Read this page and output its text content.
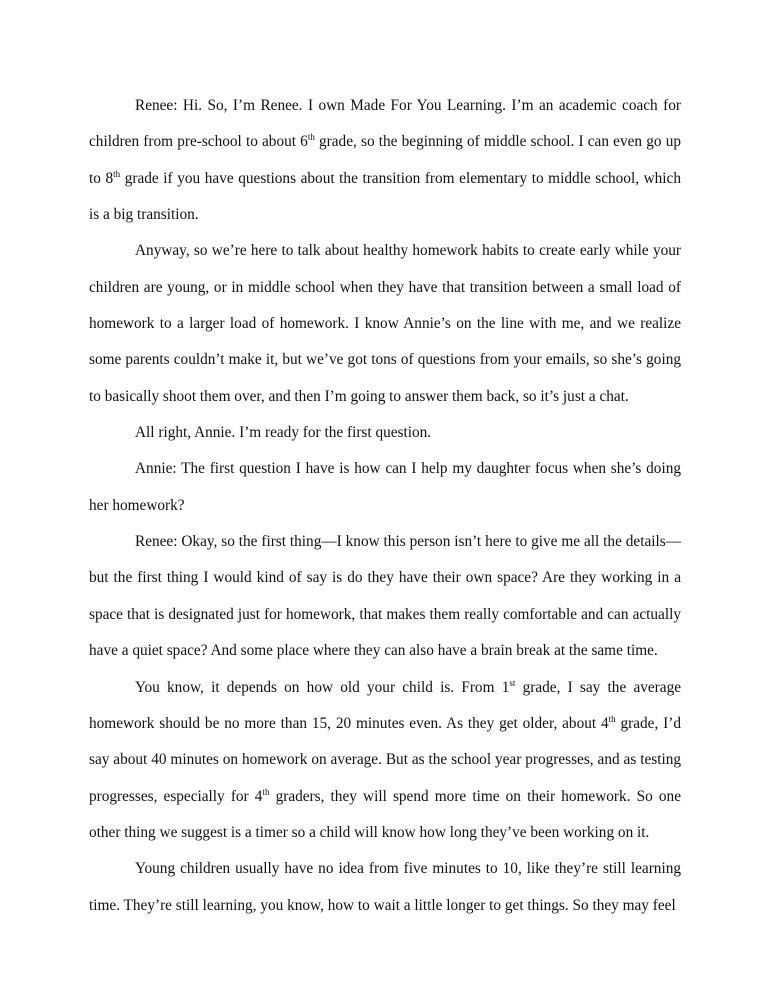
Renee: Hi. So, I’m Renee. I own Made For You Learning. I’m an academic coach for children from pre-school to about 6th grade, so the beginning of middle school. I can even go up to 8th grade if you have questions about the transition from elementary to middle school, which is a big transition.

Anyway, so we’re here to talk about healthy homework habits to create early while your children are young, or in middle school when they have that transition between a small load of homework to a larger load of homework. I know Annie’s on the line with me, and we realize some parents couldn’t make it, but we’ve got tons of questions from your emails, so she’s going to basically shoot them over, and then I’m going to answer them back, so it’s just a chat.

All right, Annie. I’m ready for the first question.

Annie: The first question I have is how can I help my daughter focus when she’s doing her homework?

Renee: Okay, so the first thing—I know this person isn’t here to give me all the details—but the first thing I would kind of say is do they have their own space? Are they working in a space that is designated just for homework, that makes them really comfortable and can actually have a quiet space? And some place where they can also have a brain break at the same time.

You know, it depends on how old your child is. From 1st grade, I say the average homework should be no more than 15, 20 minutes even. As they get older, about 4th grade, I’d say about 40 minutes on homework on average. But as the school year progresses, and as testing progresses, especially for 4th graders, they will spend more time on their homework. So one other thing we suggest is a timer so a child will know how long they’ve been working on it.

Young children usually have no idea from five minutes to 10, like they’re still learning time. They’re still learning, you know, how to wait a little longer to get things. So they may feel
